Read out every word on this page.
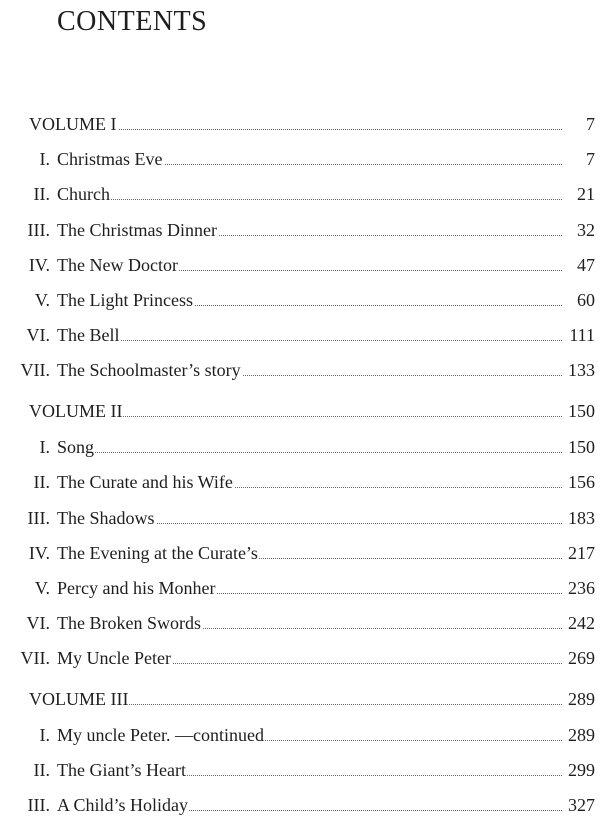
CONTENTS
VOLUME I	7
I. Christmas Eve	7
II. Church	21
III. The Christmas Dinner	32
IV. The New Doctor	47
V. The Light Princess	60
VI. The Bell	111
VII. The Schoolmaster’s story	133
VOLUME II	150
I. Song	150
II. The Curate and his Wife	156
III. The Shadows	183
IV. The Evening at the Curate’s	217
V. Percy and his Monher	236
VI. The Broken Swords	242
VII. My Uncle Peter	269
VOLUME III	289
I. My uncle Peter. —continued	289
II. The Giant’s Heart	299
III. A Child’s Holiday	327
